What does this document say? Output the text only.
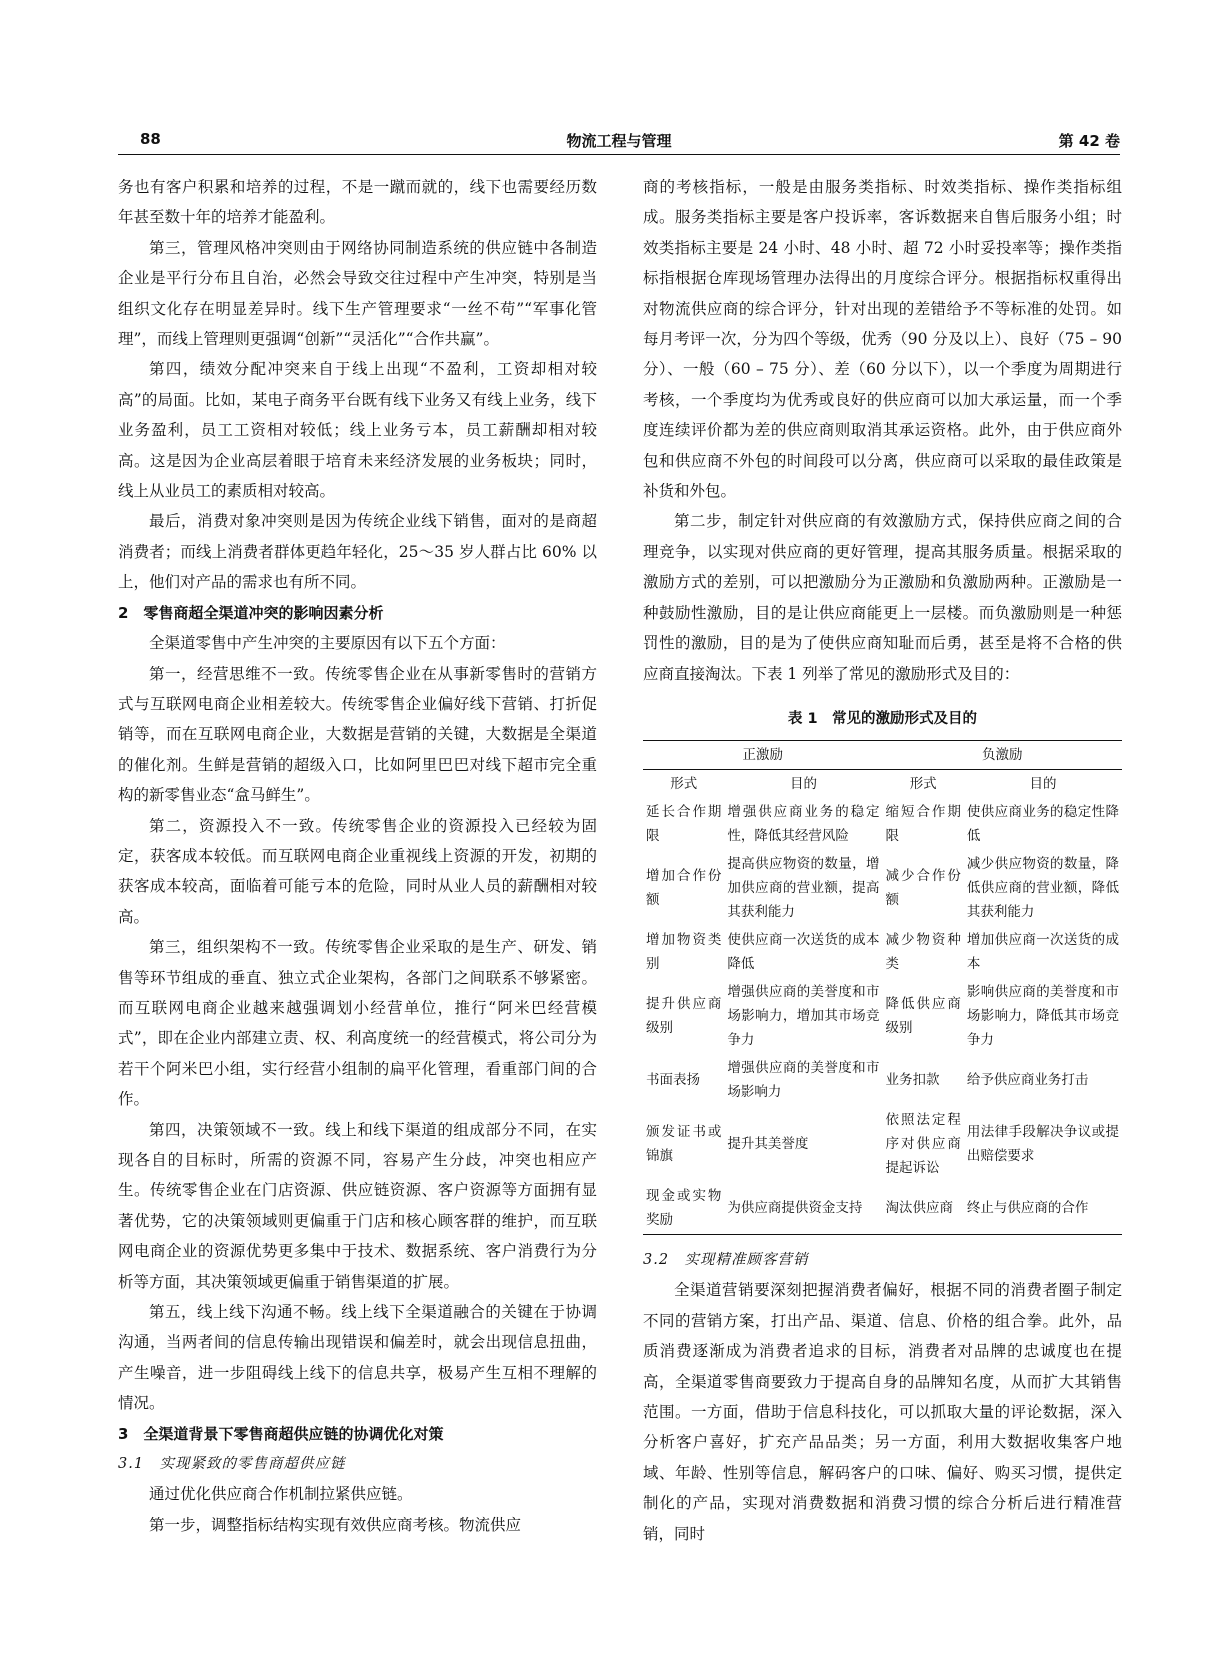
88	物流工程与管理	第 42 卷

务也有客户积累和培养的过程，不是一蹴而就的，线下也需要经历数年甚至数十年的培养才能盈利。

第三，管理风格冲突则由于网络协同制造系统的供应链中各制造企业是平行分布且自治，必然会导致交往过程中产生冲突，特别是当组织文化存在明显差异时。线下生产管理要求“一丝不苟”“军事化管理”，而线上管理则更强调“创新”“灵活化”“合作共赢”。

第四，绩效分配冲突来自于线上出现“不盈利，工资却相对较高”的局面。比如，某电子商务平台既有线下业务又有线上业务，线下业务盈利，员工工资相对较低；线上业务亏本，员工薪酬却相对较高。这是因为企业高层着眼于培育未来经济发展的业务板块；同时，线上从业员工的素质相对较高。

最后，消费对象冲突则是因为传统企业线下销售，面对的是商超消费者；而线上消费者群体更趋年轻化，25～35 岁人群占比 60% 以上，他们对产品的需求也有所不同。

2　零售商超全渠道冲突的影响因素分析

全渠道零售中产生冲突的主要原因有以下五个方面：

第一，经营思维不一致。传统零售企业在从事新零售时的营销方式与互联网电商企业相差较大。传统零售企业偏好线下营销、打折促销等，而在互联网电商企业，大数据是营销的关键，大数据是全渠道的催化剂。生鲜是营销的超级入口，比如阿里巴巴对线下超市完全重构的新零售业态“盒马鲜生”。

第二，资源投入不一致。传统零售企业的资源投入已经较为固定，获客成本较低。而互联网电商企业重视线上资源的开发，初期的获客成本较高，面临着可能亏本的危险，同时从业人员的薪酬相对较高。

第三，组织架构不一致。传统零售企业采取的是生产、研发、销售等环节组成的垂直、独立式企业架构，各部门之间联系不够紧密。而互联网电商企业越来越强调划小经营单位，推行“阿米巴经营模式”，即在企业内部建立责、权、利高度统一的经营模式，将公司分为若干个阿米巴小组，实行经营小组制的扁平化管理，看重部门间的合作。

第四，决策领域不一致。线上和线下渠道的组成部分不同，在实现各自的目标时，所需的资源不同，容易产生分歧，冲突也相应产生。传统零售企业在门店资源、供应链资源、客户资源等方面拥有显著优势，它的决策领域则更偏重于门店和核心顾客群的维护，而互联网电商企业的资源优势更多集中于技术、数据系统、客户消费行为分析等方面，其决策领域更偏重于销售渠道的扩展。

第五，线上线下沟通不畅。线上线下全渠道融合的关键在于协调沟通，当两者间的信息传输出现错误和偏差时，就会出现信息扭曲，产生噪音，进一步阻碍线上线下的信息共享，极易产生互相不理解的情况。

3　全渠道背景下零售商超供应链的协调优化对策

3.1　实现紧致的零售商超供应链

通过优化供应商合作机制拉紧供应链。

第一步，调整指标结构实现有效供应商考核。物流供应

商的考核指标，一般是由服务类指标、时效类指标、操作类指标组成。服务类指标主要是客户投诉率，客诉数据来自售后服务小组；时效类指标主要是 24 小时、48 小时、超 72 小时妥投率等；操作类指标指根据仓库现场管理办法得出的月度综合评分。根据指标权重得出对物流供应商的综合评分，针对出现的差错给予不等标准的处罚。如每月考评一次，分为四个等级，优秀（90 分及以上）、良好（75 – 90 分）、一般（60 – 75 分）、差（60 分以下），以一个季度为周期进行考核，一个季度均为优秀或良好的供应商可以加大承运量，而一个季度连续评价都为差的供应商则取消其承运资格。此外，由于供应商外包和供应商不外包的时间段可以分离，供应商可以采取的最佳政策是补货和外包。

第二步，制定针对供应商的有效激励方式，保持供应商之间的合理竞争，以实现对供应商的更好管理，提高其服务质量。根据采取的激励方式的差别，可以把激励分为正激励和负激励两种。正激励是一种鼓励性激励，目的是让供应商能更上一层楼。而负激励则是一种惩罚性的激励，目的是为了使供应商知耻而后勇，甚至是将不合格的供应商直接淘汰。下表 1 列举了常见的激励形式及目的：

表 1　常见的激励形式及目的
正激励		负激励	
形式	目的	形式	目的
延长合作期限	增强供应商业务的稳定性，降低其经营风险	缩短合作期限	使供应商业务的稳定性降低
增加合作份额	提高供应物资的数量，增加供应商的营业额，提高其获利能力	减少合作份额	减少供应物资的数量，降低供应商的营业额，降低其获利能力
增加物资类别	使供应商一次送货的成本降低	减少物资种类	增加供应商一次送货的成本
提升供应商级别	增强供应商的美誉度和市场影响力，增加其市场竞争力	降低供应商级别	影响供应商的美誉度和市场影响力，降低其市场竞争力
书面表扬	增强供应商的美誉度和市场影响力	业务扣款	给予供应商业务打击
颁发证书或锦旗	提升其美誉度	依照法定程序对供应商提起诉讼	用法律手段解决争议或提出赔偿要求
现金或实物奖励	为供应商提供资金支持	淘汰供应商	终止与供应商的合作

3.2　实现精准顾客营销

全渠道营销要深刻把握消费者偏好，根据不同的消费者圈子制定不同的营销方案，打出产品、渠道、信息、价格的组合拳。此外，品质消费逐渐成为消费者追求的目标，消费者对品牌的忠诚度也在提高，全渠道零售商要致力于提高自身的品牌知名度，从而扩大其销售范围。一方面，借助于信息科技化，可以抓取大量的评论数据，深入分析客户喜好，扩充产品品类；另一方面，利用大数据收集客户地域、年龄、性别等信息，解码客户的口味、偏好、购买习惯，提供定制化的产品，实现对消费数据和消费习惯的综合分析后进行精准营销，同时
